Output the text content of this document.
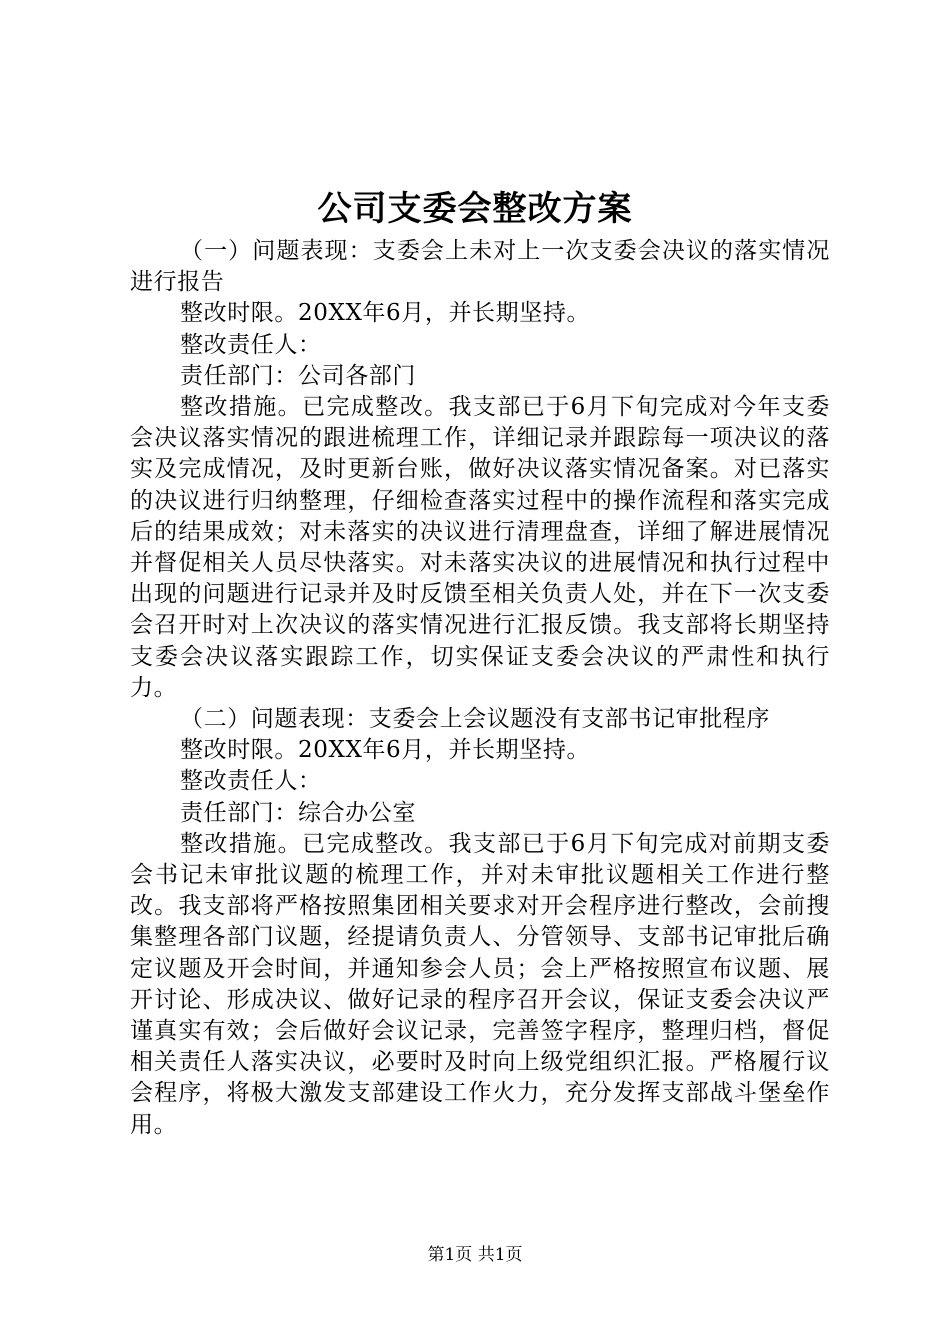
公司支委会整改方案

（一）问题表现：支委会上未对上一次支委会决议的落实情况进行报告

整改时限。20XX年6月，并长期坚持。

整改责任人：

责任部门：公司各部门

整改措施。已完成整改。我支部已于6月下旬完成对今年支委会决议落实情况的跟进梳理工作，详细记录并跟踪每一项决议的落实及完成情况，及时更新台账，做好决议落实情况备案。对已落实的决议进行归纳整理，仔细检查落实过程中的操作流程和落实完成后的结果成效；对未落实的决议进行清理盘查，详细了解进展情况并督促相关人员尽快落实。对未落实决议的进展情况和执行过程中出现的问题进行记录并及时反馈至相关负责人处，并在下一次支委会召开时对上次决议的落实情况进行汇报反馈。我支部将长期坚持支委会决议落实跟踪工作，切实保证支委会决议的严肃性和执行力。

（二）问题表现：支委会上会议题没有支部书记审批程序

整改时限。20XX年6月，并长期坚持。

整改责任人：

责任部门：综合办公室

整改措施。已完成整改。我支部已于6月下旬完成对前期支委会书记未审批议题的梳理工作，并对未审批议题相关工作进行整改。我支部将严格按照集团相关要求对开会程序进行整改，会前搜集整理各部门议题，经提请负责人、分管领导、支部书记审批后确定议题及开会时间，并通知参会人员；会上严格按照宣布议题、展开讨论、形成决议、做好记录的程序召开会议，保证支委会决议严谨真实有效；会后做好会议记录，完善签字程序，整理归档，督促相关责任人落实决议，必要时及时向上级党组织汇报。严格履行议会程序，将极大激发支部建设工作火力，充分发挥支部战斗堡垒作用。

第1页 共1页
